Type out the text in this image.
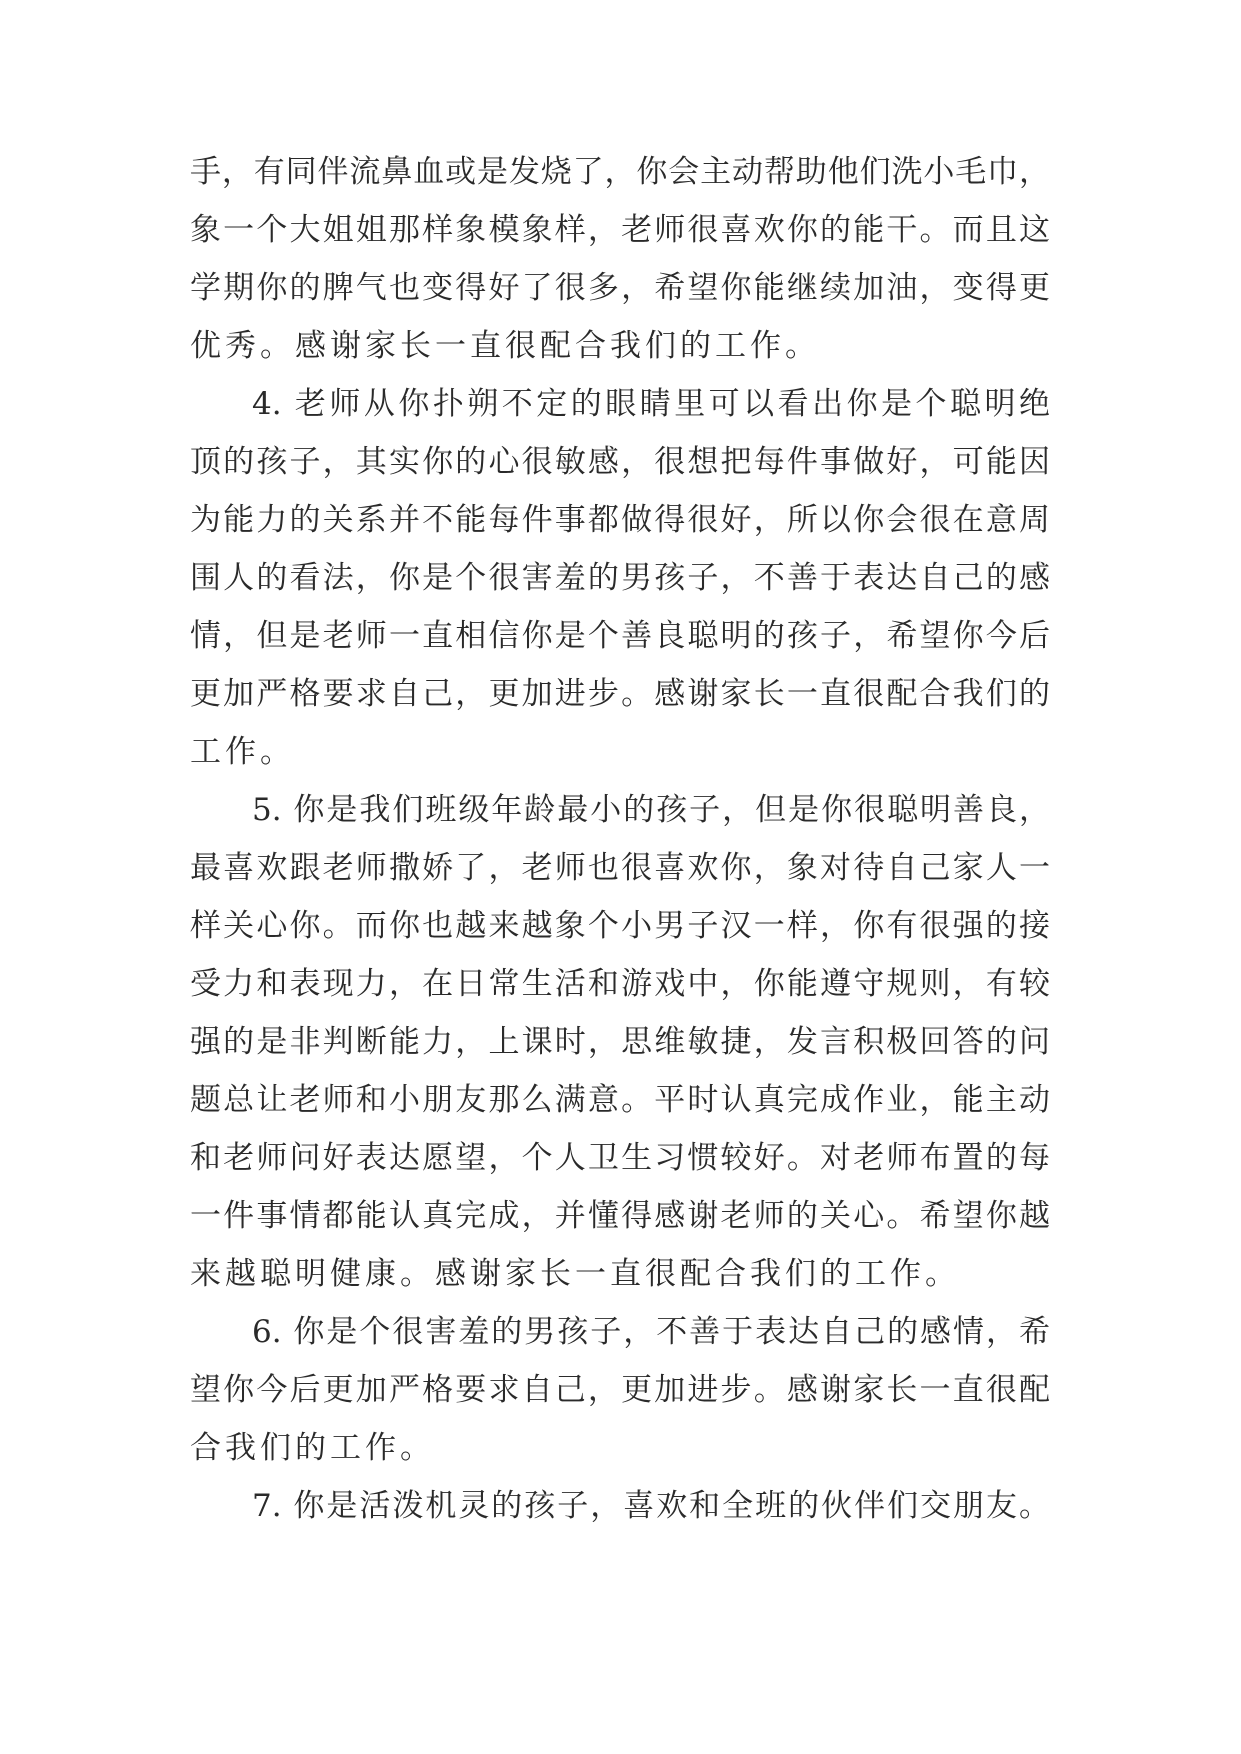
手，有同伴流鼻血或是发烧了，你会主动帮助他们洗小毛巾，
象一个大姐姐那样象模象样，老师很喜欢你的能干。而且这
学期你的脾气也变得好了很多，希望你能继续加油，变得更
优秀。感谢家长一直很配合我们的工作。
4. 老师从你扑朔不定的眼睛里可以看出你是个聪明绝
顶的孩子，其实你的心很敏感，很想把每件事做好，可能因
为能力的关系并不能每件事都做得很好，所以你会很在意周
围人的看法，你是个很害羞的男孩子，不善于表达自己的感
情，但是老师一直相信你是个善良聪明的孩子，希望你今后
更加严格要求自己，更加进步。感谢家长一直很配合我们的
工作。
5. 你是我们班级年龄最小的孩子，但是你很聪明善良，
最喜欢跟老师撒娇了，老师也很喜欢你，象对待自己家人一
样关心你。而你也越来越象个小男子汉一样，你有很强的接
受力和表现力，在日常生活和游戏中，你能遵守规则，有较
强的是非判断能力，上课时，思维敏捷，发言积极回答的问
题总让老师和小朋友那么满意。平时认真完成作业，能主动
和老师问好表达愿望，个人卫生习惯较好。对老师布置的每
一件事情都能认真完成，并懂得感谢老师的关心。希望你越
来越聪明健康。感谢家长一直很配合我们的工作。
6. 你是个很害羞的男孩子，不善于表达自己的感情，希
望你今后更加严格要求自己，更加进步。感谢家长一直很配
合我们的工作。
7. 你是活泼机灵的孩子，喜欢和全班的伙伴们交朋友。
